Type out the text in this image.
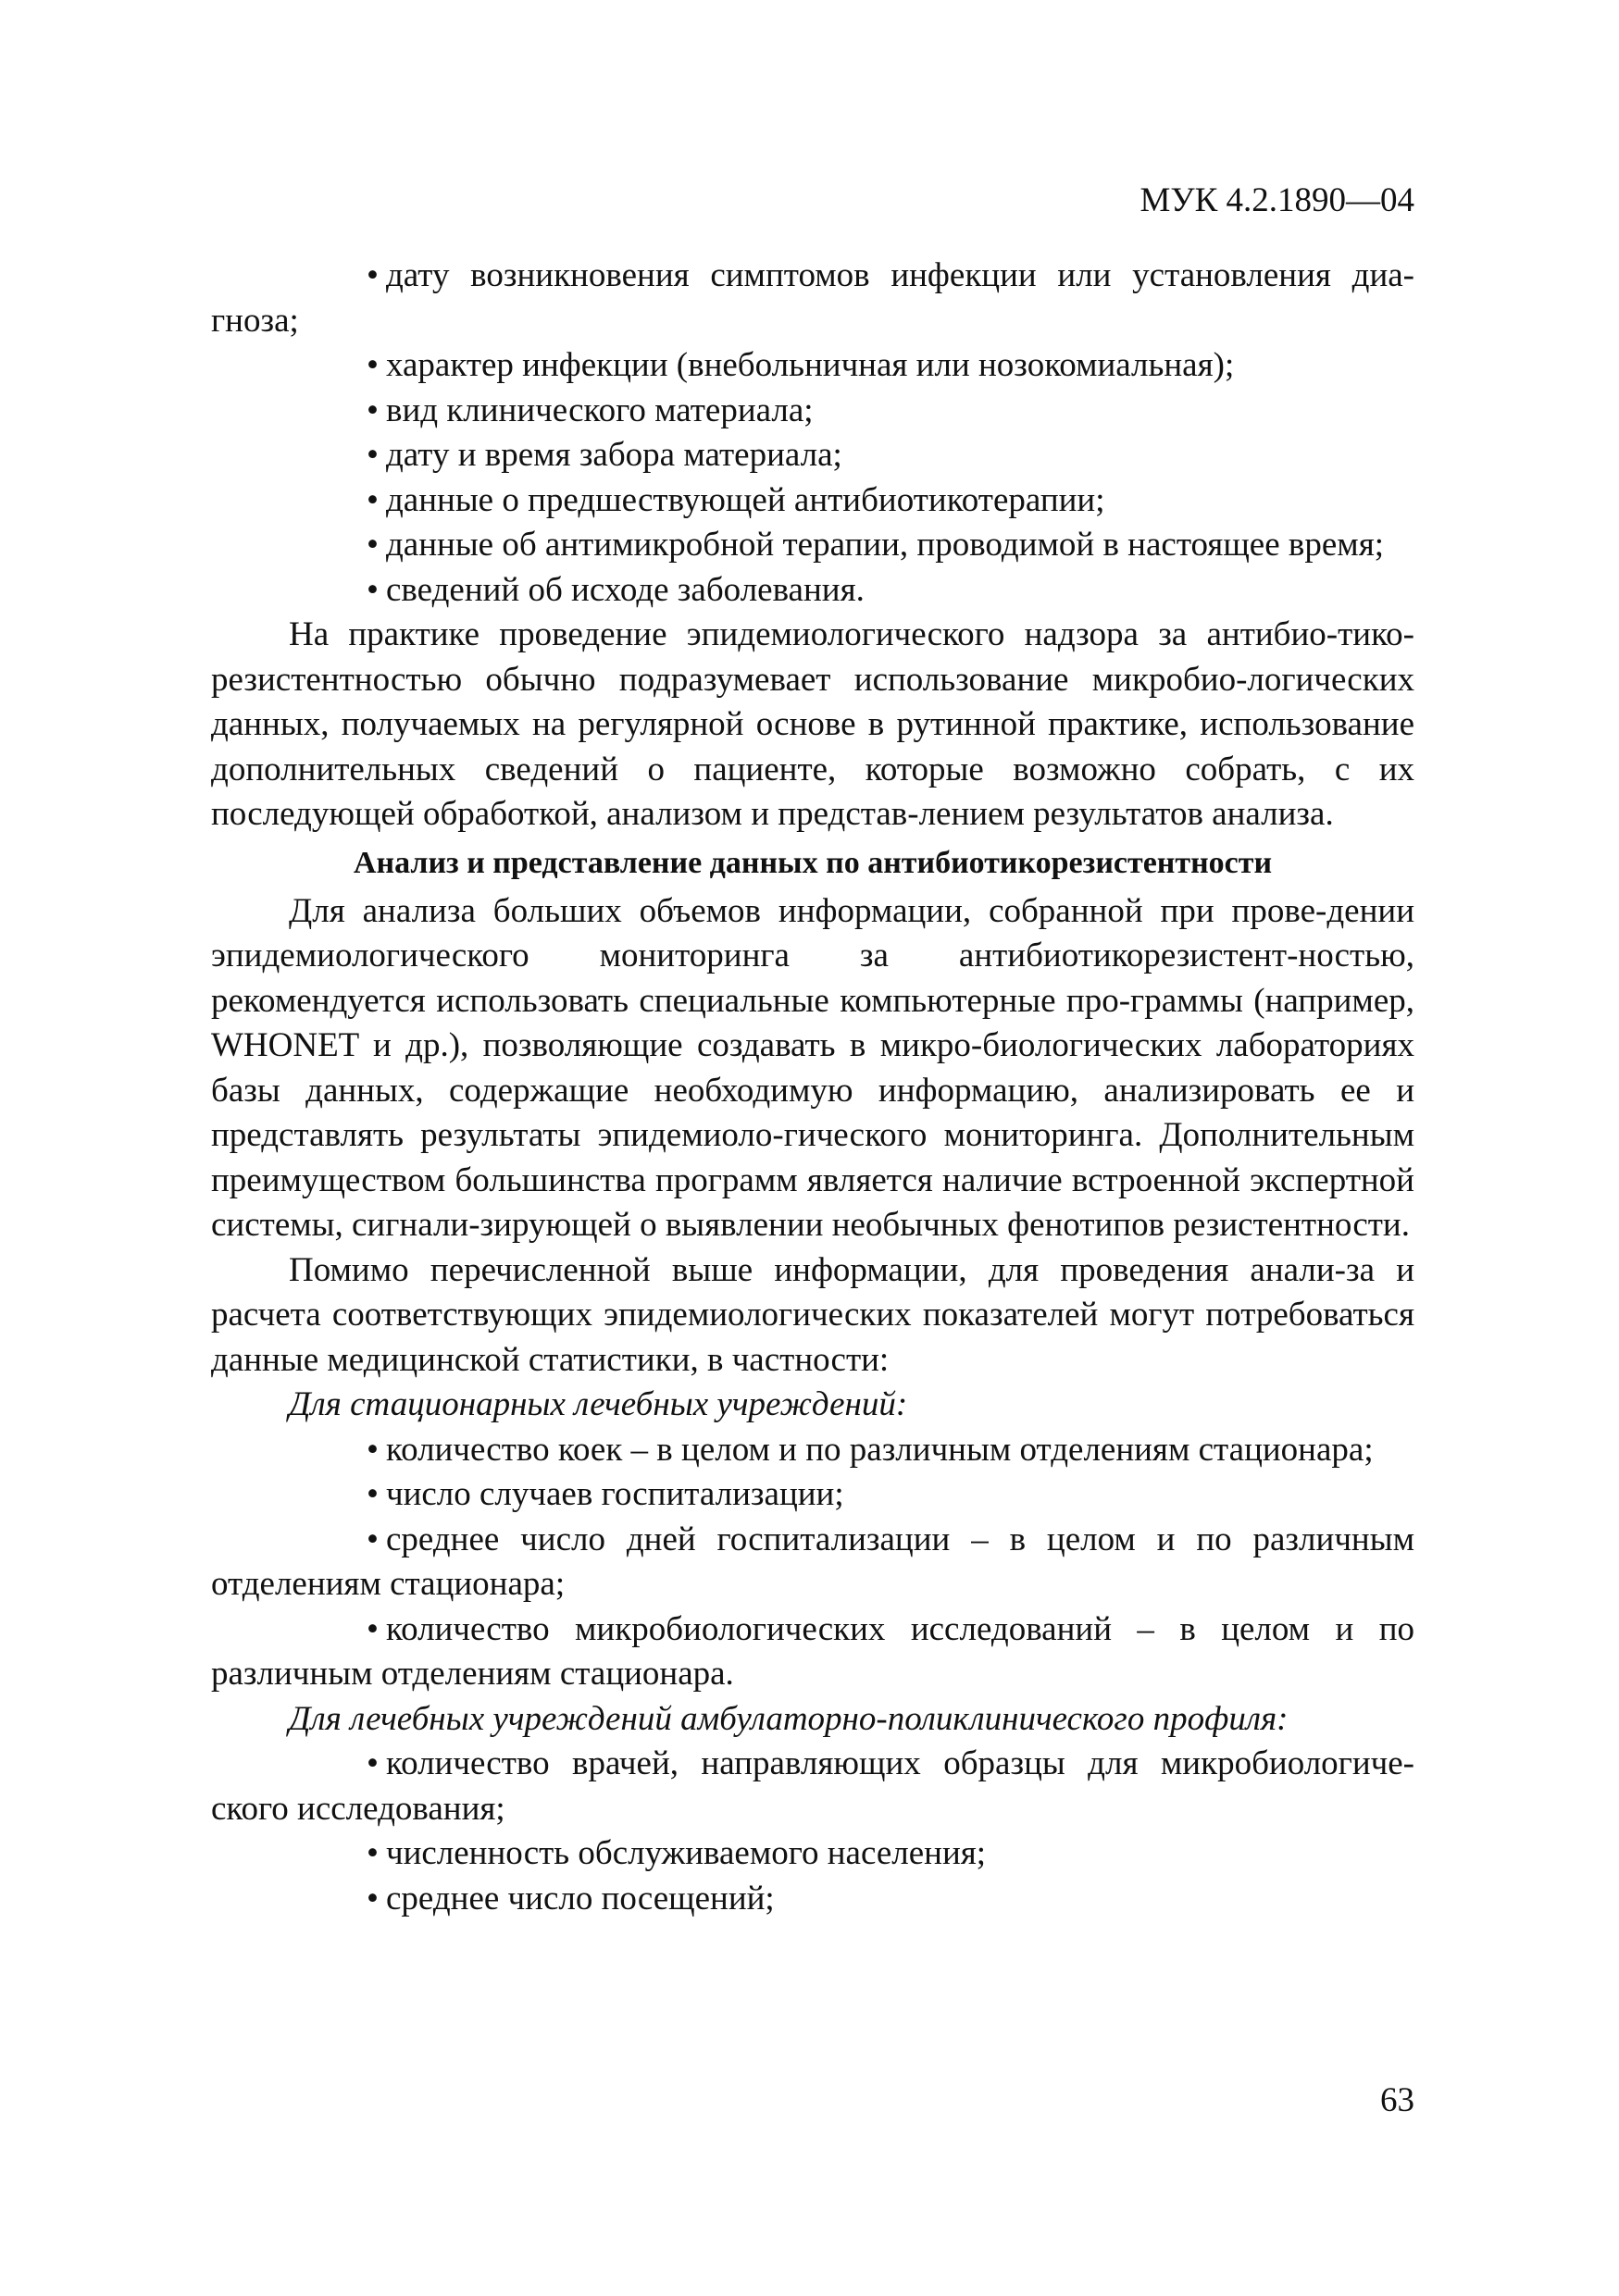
МУК 4.2.1890—04

• дату возникновения симптомов инфекции или установления диа-гноза;

• характер инфекции (внебольничная или нозокомиальная);

• вид клинического материала;

• дату и время забора материала;

• данные о предшествующей антибиотикотерапии;

• данные об антимикробной терапии, проводимой в настоящее время;

• сведений об исходе заболевания.

На практике проведение эпидемиологического надзора за антибио-тико-резистентностью обычно подразумевает использование микробио-логических данных, получаемых на регулярной основе в рутинной практике, использование дополнительных сведений о пациенте, которые возможно собрать, с их последующей обработкой, анализом и представ-лением результатов анализа.

Анализ и представление данных по антибиотикорезистентности

Для анализа больших объемов информации, собранной при прове-дении эпидемиологического мониторинга за антибиотикорезистент-ностью, рекомендуется использовать специальные компьютерные про-граммы (например, WHONET и др.), позволяющие создавать в микро-биологических лабораториях базы данных, содержащие необходимую информацию, анализировать ее и представлять результаты эпидемиоло-гического мониторинга. Дополнительным преимуществом большинства программ является наличие встроенной экспертной системы, сигнали-зирующей о выявлении необычных фенотипов резистентности.

Помимо перечисленной выше информации, для проведения анали-за и расчета соответствующих эпидемиологических показателей могут потребоваться данные медицинской статистики, в частности:

Для стационарных лечебных учреждений:

• количество коек – в целом и по различным отделениям стационара;

• число случаев госпитализации;

• среднее число дней госпитализации – в целом и по различным отделениям стационара;

• количество микробиологических исследований – в целом и по различным отделениям стационара.

Для лечебных учреждений амбулаторно-поликлинического профиля:

• количество врачей, направляющих образцы для микробиологиче-ского исследования;

• численность обслуживаемого населения;

• среднее число посещений;

63
